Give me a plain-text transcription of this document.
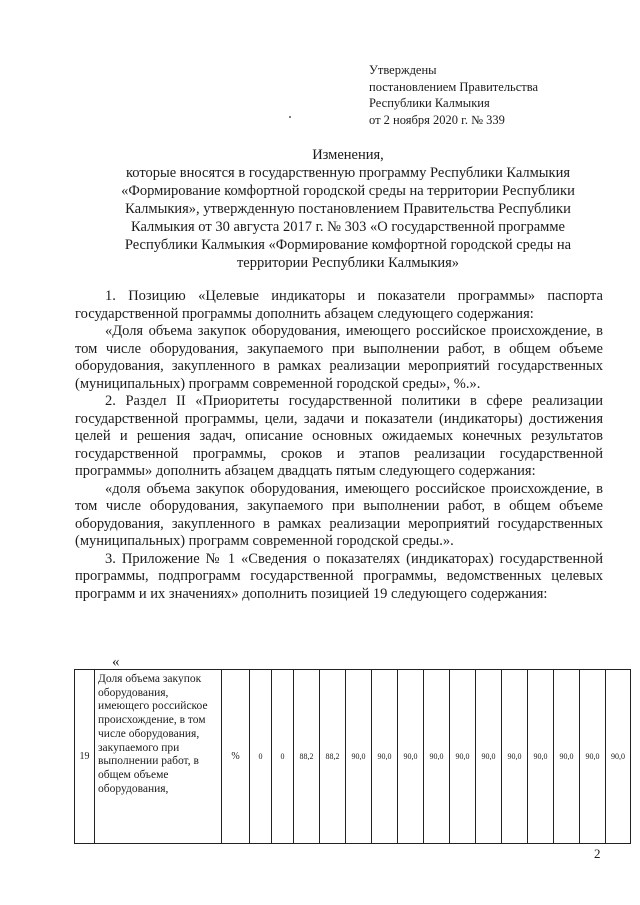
Утверждены
постановлением Правительства
Республики Калмыкия
от 2 ноября 2020 г. № 339
Изменения,
которые вносятся в государственную программу Республики Калмыкия
«Формирование комфортной городской среды на территории Республики
Калмыкия», утвержденную постановлением Правительства Республики
Калмыкия от 30 августа 2017 г. № 303 «О государственной программе
Республики Калмыкия «Формирование комфортной городской среды на
территории Республики Калмыкия»

1. Позицию «Целевые индикаторы и показатели программы» паспорта государственной программы дополнить абзацем следующего содержания:

«Доля объема закупок оборудования, имеющего российское происхождение, в том числе оборудования, закупаемого при выполнении работ, в общем объеме оборудования, закупленного в рамках реализации мероприятий государственных (муниципальных) программ современной городской среды», %.».

2. Раздел II «Приоритеты государственной политики в сфере реализации государственной программы, цели, задачи и показатели (индикаторы) достижения целей и решения задач, описание основных ожидаемых конечных результатов государственной программы, сроков и этапов реализации государственной программы» дополнить абзацем двадцать пятым следующего содержания:

«доля объема закупок оборудования, имеющего российское происхождение, в том числе оборудования, закупаемого при выполнении работ, в общем объеме оборудования, закупленного в рамках реализации мероприятий государственных (муниципальных) программ современной городской среды.».

3. Приложение № 1 «Сведения о показателях (индикаторах) государственной программы, подпрограмм государственной программы, ведомственных целевых программ и их значениях» дополнить позицией 19 следующего содержания:

«
19	Доля объема закупок оборудования, имеющего российское происхождение, в том числе оборудования, закупаемого при выполнении работ, в общем объеме оборудования,	%	0	0	88,2	88,2	90,0	90,0	90,0	90,0	90,0	90,0	90,0	90,0	90,0	90,0	90,0
2
